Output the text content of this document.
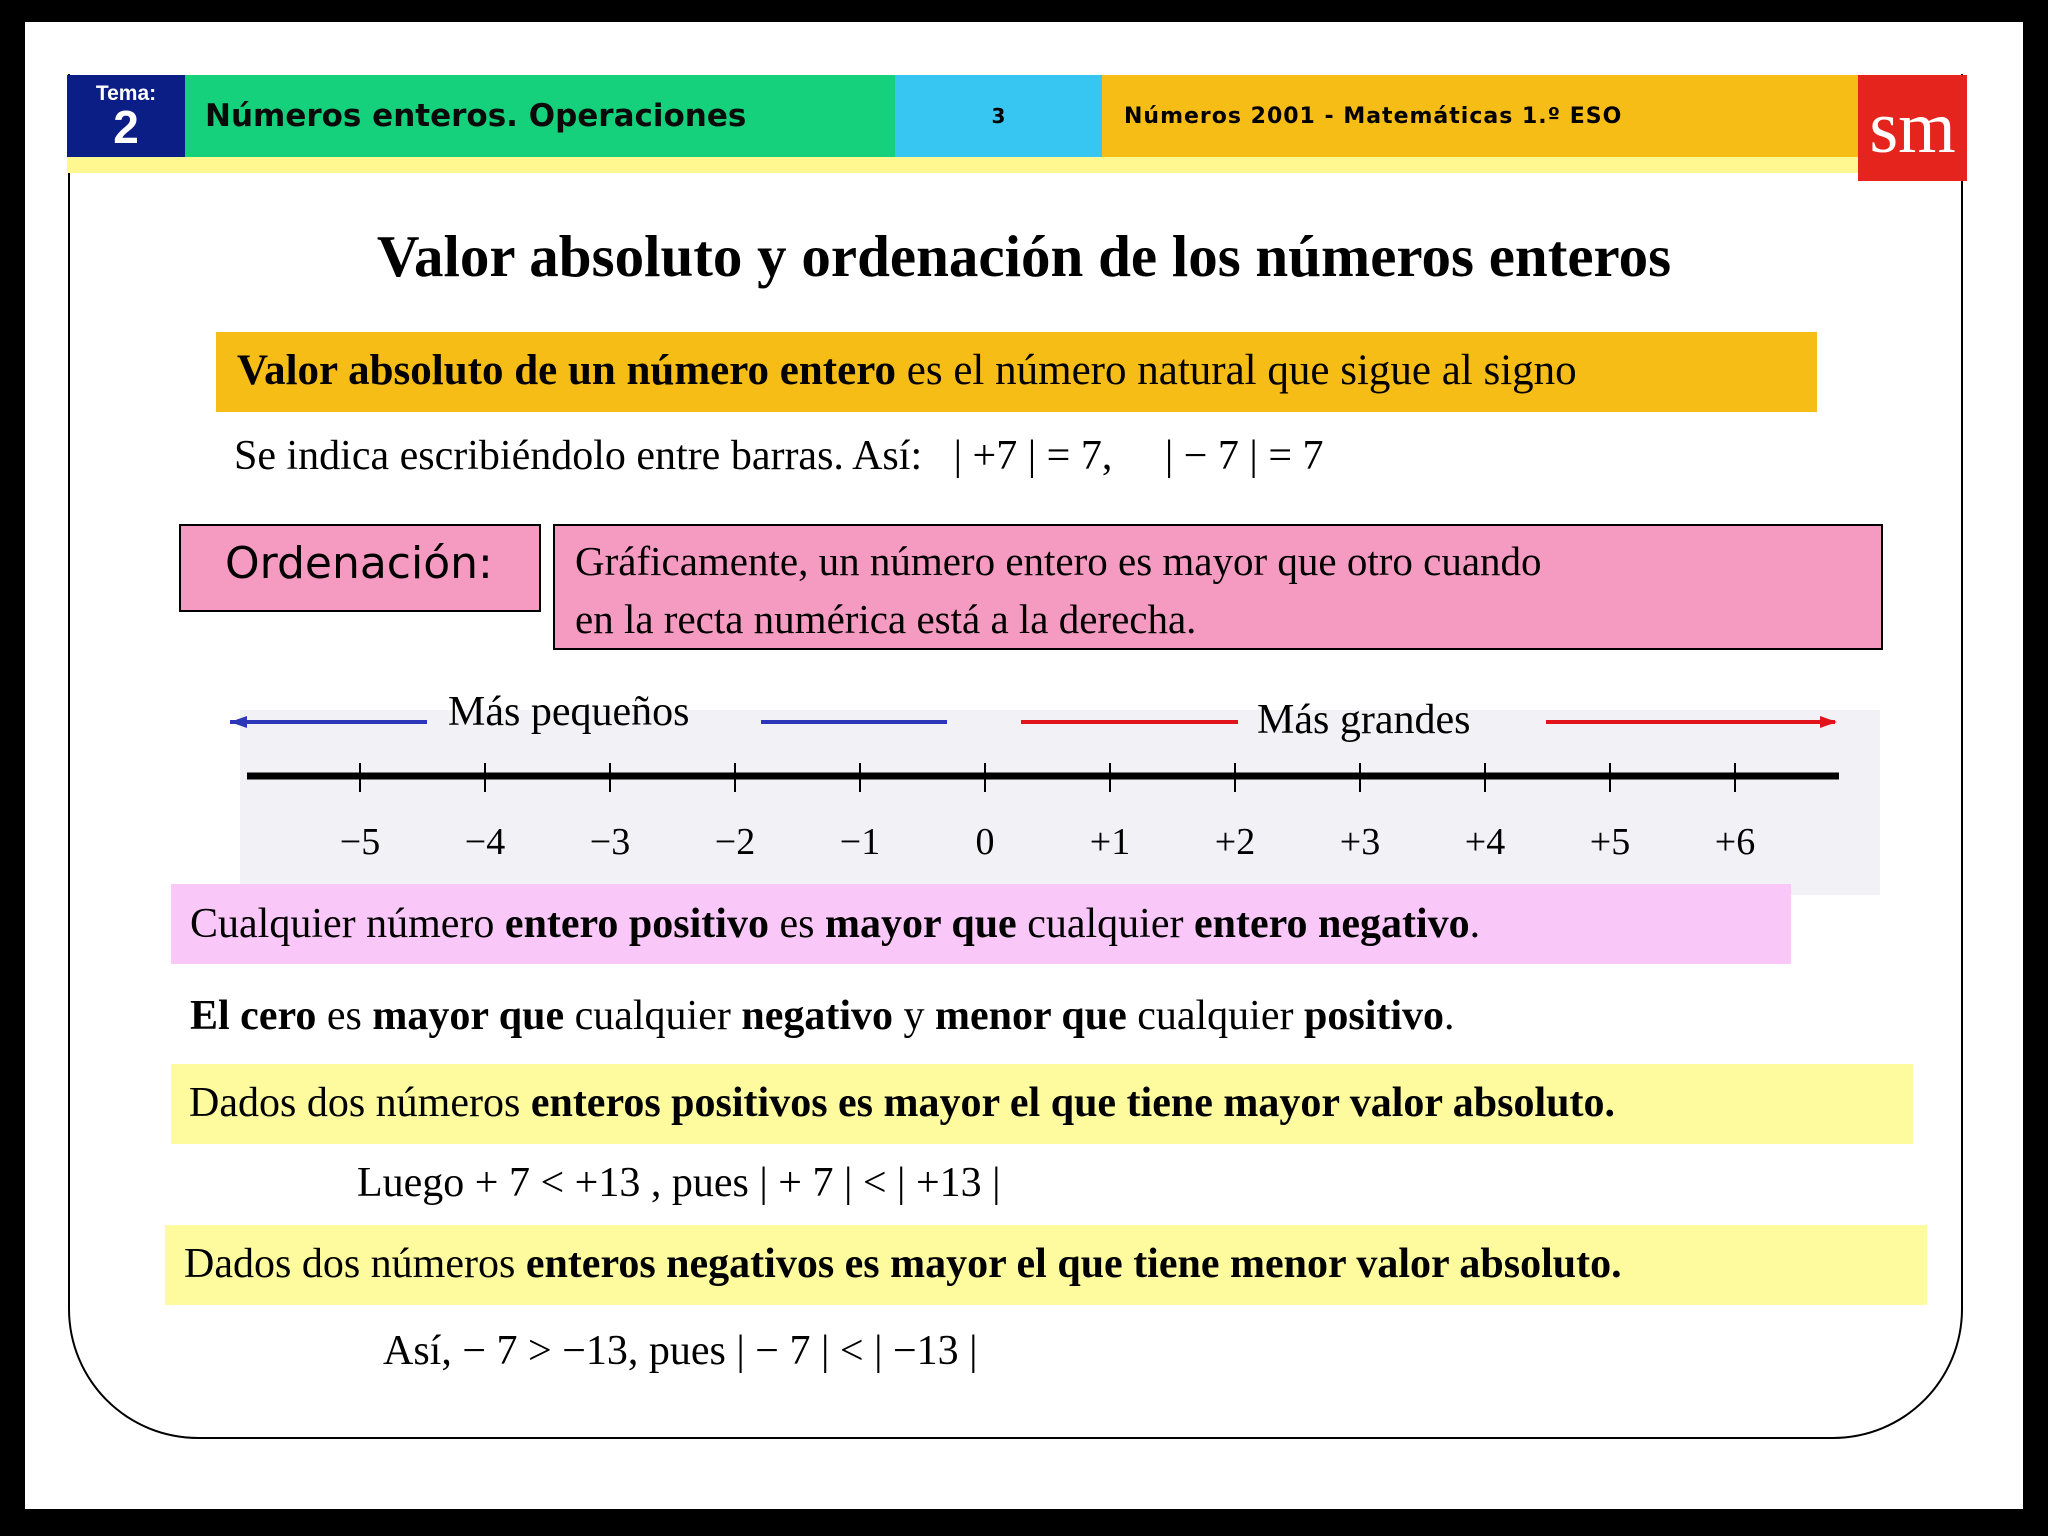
Tema:
2	Números enteros. Operaciones	3	Números 2001 - Matemáticas 1.º ESO	sm
Valor absoluto y ordenación de los números enteros
Valor absoluto de un número entero es el número natural que sigue al signo
Se indica escribiéndolo entre barras. Así:   | +7 | = 7, | − 7 | = 7
Ordenación:	Gráficamente, un número entero es mayor que otro cuando
en la recta numérica está a la derecha.
Más pequeños	Más grandes
−5 −4 −3 −2 −1	0	+1 +2 +3 +4 +5 +6
Cualquier número entero positivo es mayor que cualquier entero negativo.
El cero es mayor que cualquier negativo y menor que cualquier positivo.
Dados dos números enteros positivos es mayor el que tiene mayor valor absoluto.
Luego + 7 < +13 , pues | + 7 | < | +13 |
Dados dos números enteros negativos es mayor el que tiene menor valor absoluto.
Así, − 7 > −13, pues | − 7 | < | −13 |
